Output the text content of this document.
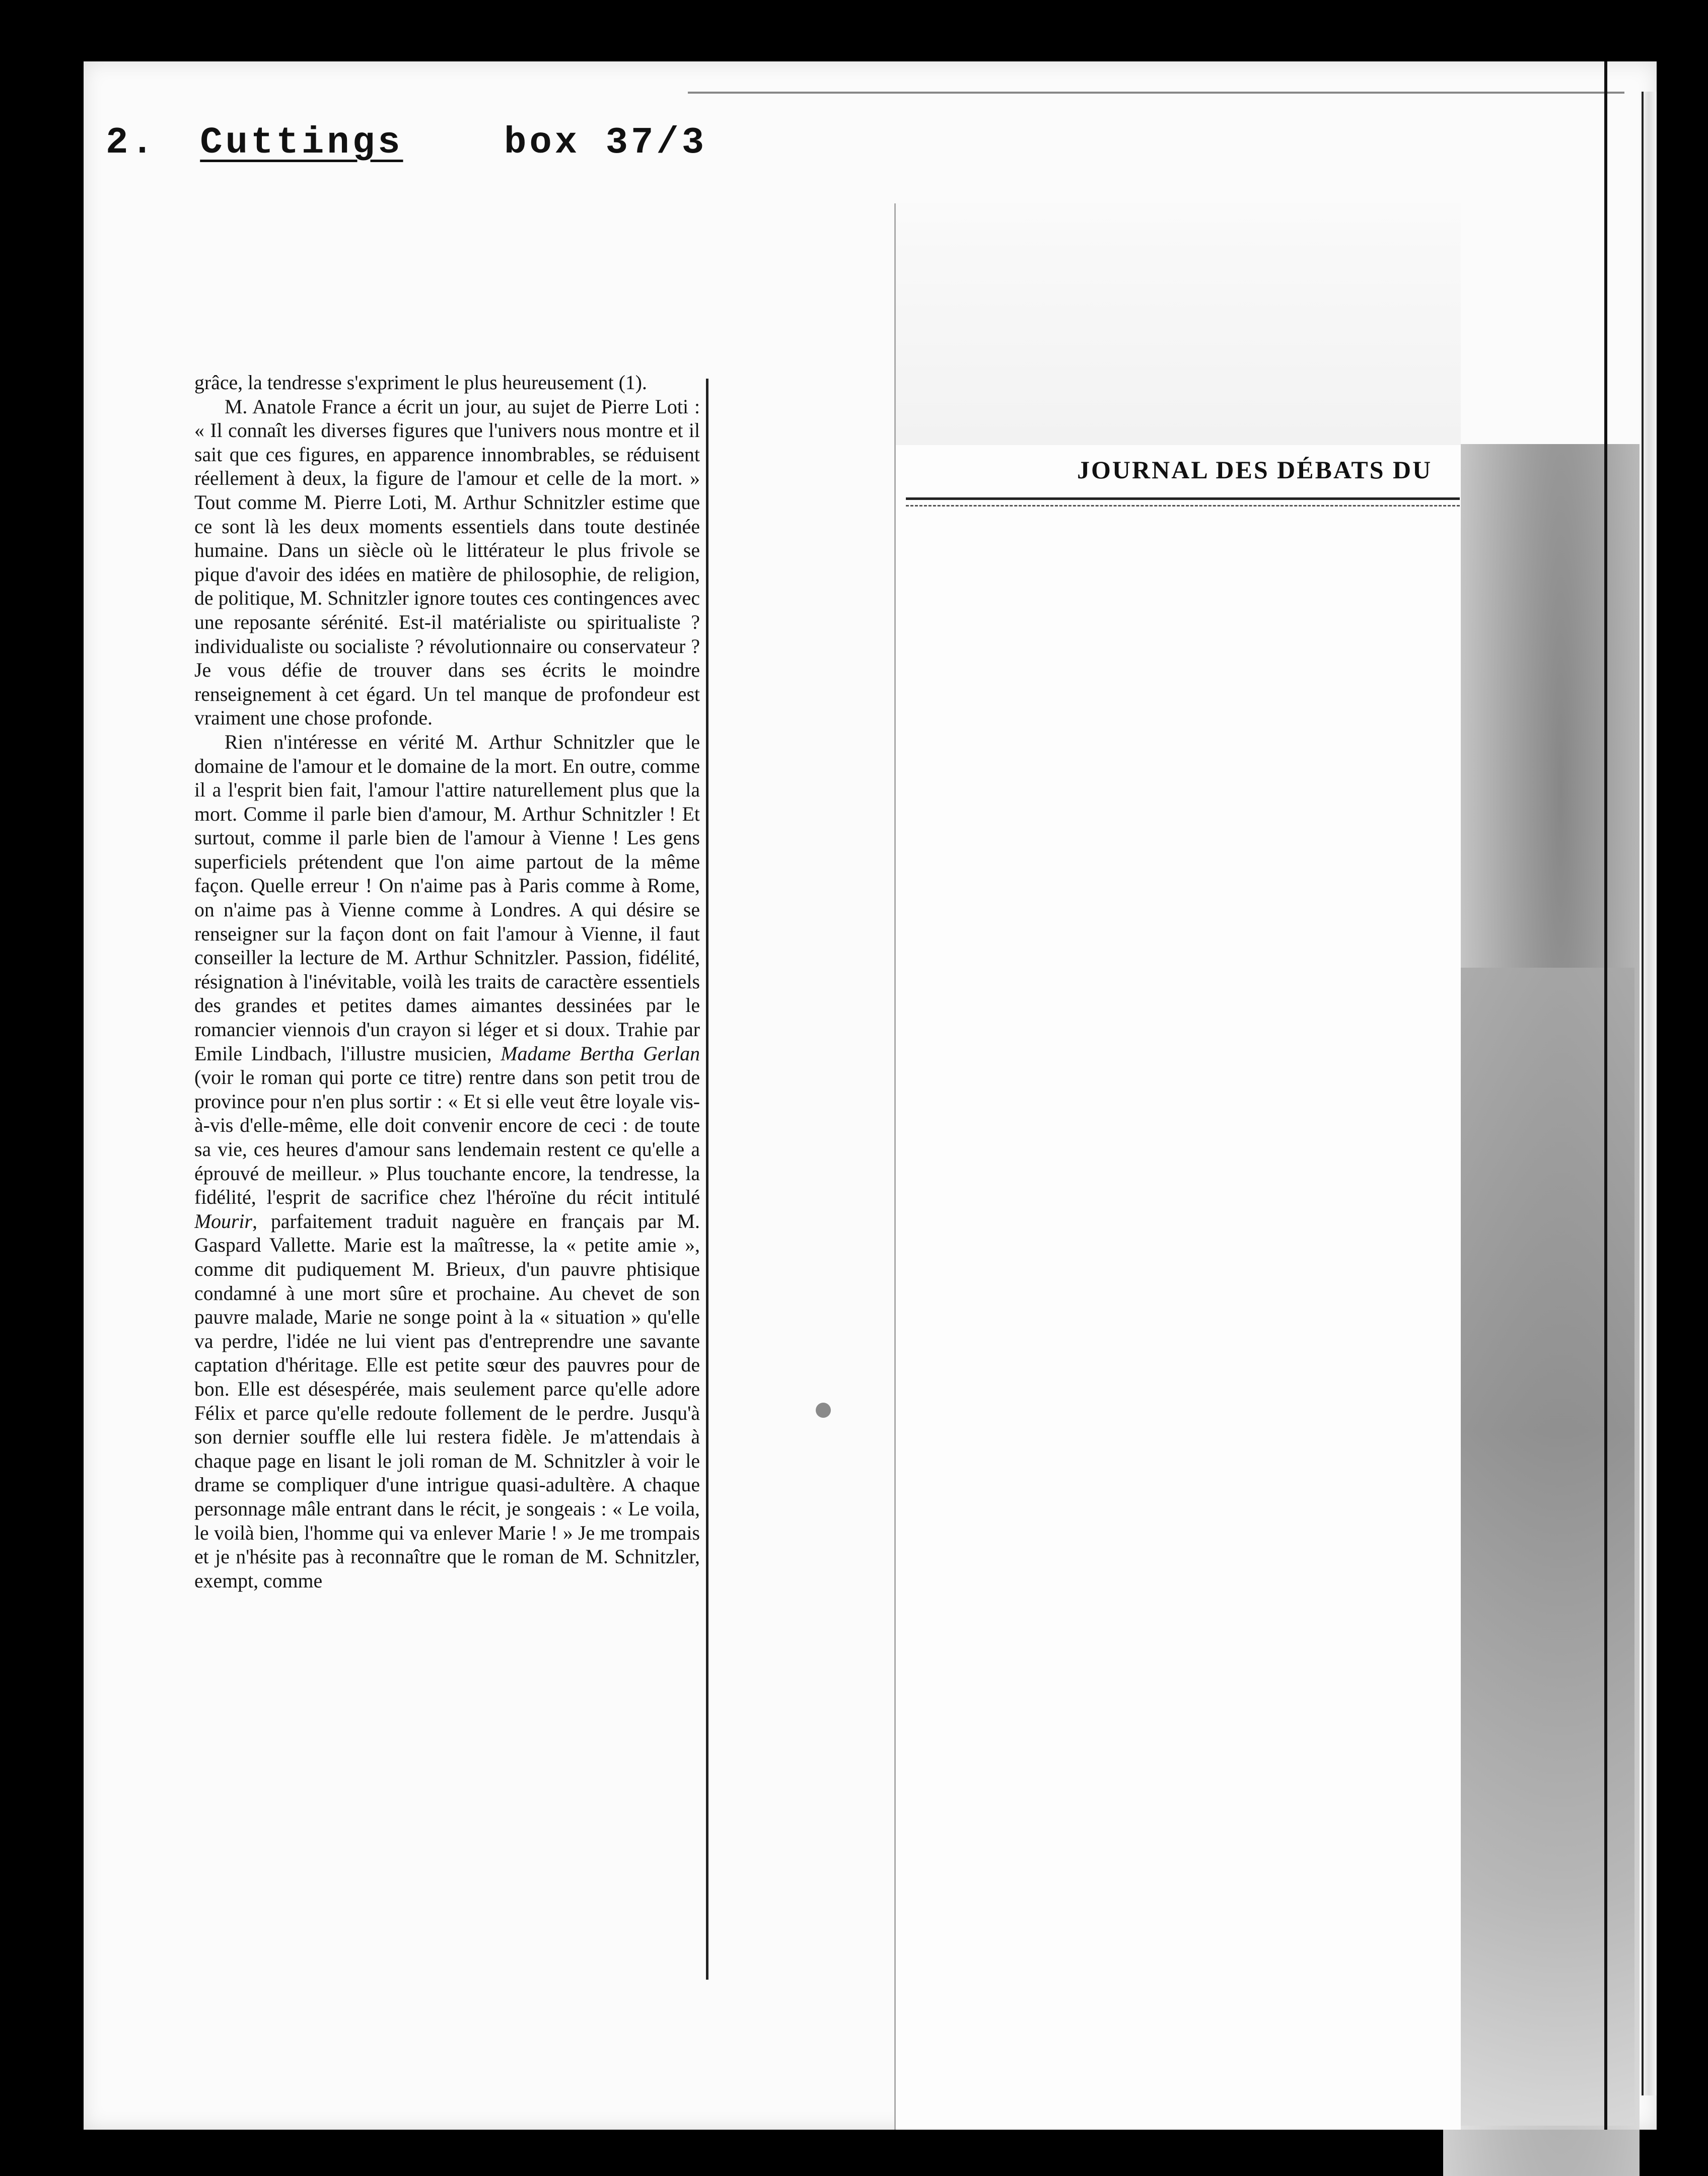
2. Cuttings	box 37/3
JOURNAL DES DÉBATS DU

grâce, la tendresse s'expriment le plus heureusement (1).

M. Anatole France a écrit un jour, au sujet de Pierre Loti : « Il connaît les diverses figures que l'univers nous montre et il sait que ces figures, en apparence innombrables, se réduisent réellement à deux, la figure de l'amour et celle de la mort. » Tout comme M. Pierre Loti, M. Arthur Schnitzler estime que ce sont là les deux moments essentiels dans toute destinée humaine. Dans un siècle où le littérateur le plus frivole se pique d'avoir des idées en matière de philosophie, de religion, de politique, M. Schnitzler ignore toutes ces contingences avec une reposante sérénité. Est-il matérialiste ou spiritualiste ? individualiste ou socialiste ? révolutionnaire ou conservateur ? Je vous défie de trouver dans ses écrits le moindre renseignement à cet égard. Un tel manque de profondeur est vraiment une chose profonde.

Rien n'intéresse en vérité M. Arthur Schnitzler que le domaine de l'amour et le domaine de la mort. En outre, comme il a l'esprit bien fait, l'amour l'attire naturellement plus que la mort. Comme il parle bien d'amour, M. Arthur Schnitzler ! Et surtout, comme il parle bien de l'amour à Vienne ! Les gens superficiels prétendent que l'on aime partout de la même façon. Quelle erreur ! On n'aime pas à Paris comme à Rome, on n'aime pas à Vienne comme à Londres. A qui désire se renseigner sur la façon dont on fait l'amour à Vienne, il faut conseiller la lecture de M. Arthur Schnitzler. Passion, fidélité, résignation à l'inévitable, voilà les traits de caractère essentiels des grandes et petites dames aimantes dessinées par le romancier viennois d'un crayon si léger et si doux. Trahie par Emile Lindbach, l'illustre musicien, Madame Bertha Gerlan (voir le roman qui porte ce titre) rentre dans son petit trou de province pour n'en plus sortir : « Et si elle veut être loyale vis-à-vis d'elle-même, elle doit convenir encore de ceci : de toute sa vie, ces heures d'amour sans lendemain restent ce qu'elle a éprouvé de meilleur. » Plus touchante encore, la tendresse, la fidélité, l'esprit de sacrifice chez l'héroïne du récit intitulé Mourir, parfaitement traduit naguère en français par M. Gaspard Vallette. Marie est la maîtresse, la « petite amie », comme dit pudiquement M. Brieux, d'un pauvre phtisique condamné à une mort sûre et prochaine. Au chevet de son pauvre malade, Marie ne songe point à la « situation » qu'elle va perdre, l'idée ne lui vient pas d'entreprendre une savante captation d'héritage. Elle est petite sœur des pauvres pour de bon. Elle est désespérée, mais seulement parce qu'elle adore Félix et parce qu'elle redoute follement de le perdre. Jusqu'à son dernier souffle elle lui restera fidèle. Je m'attendais à chaque page en lisant le joli roman de M. Schnitzler à voir le drame se compliquer d'une intrigue quasi-adultère. A chaque personnage mâle entrant dans le récit, je songeais : « Le voila, le voilà bien, l'homme qui va enlever Marie ! » Je me trompais et je n'hésite pas à reconnaître que le roman de M. Schnitzler, exempt, comme
